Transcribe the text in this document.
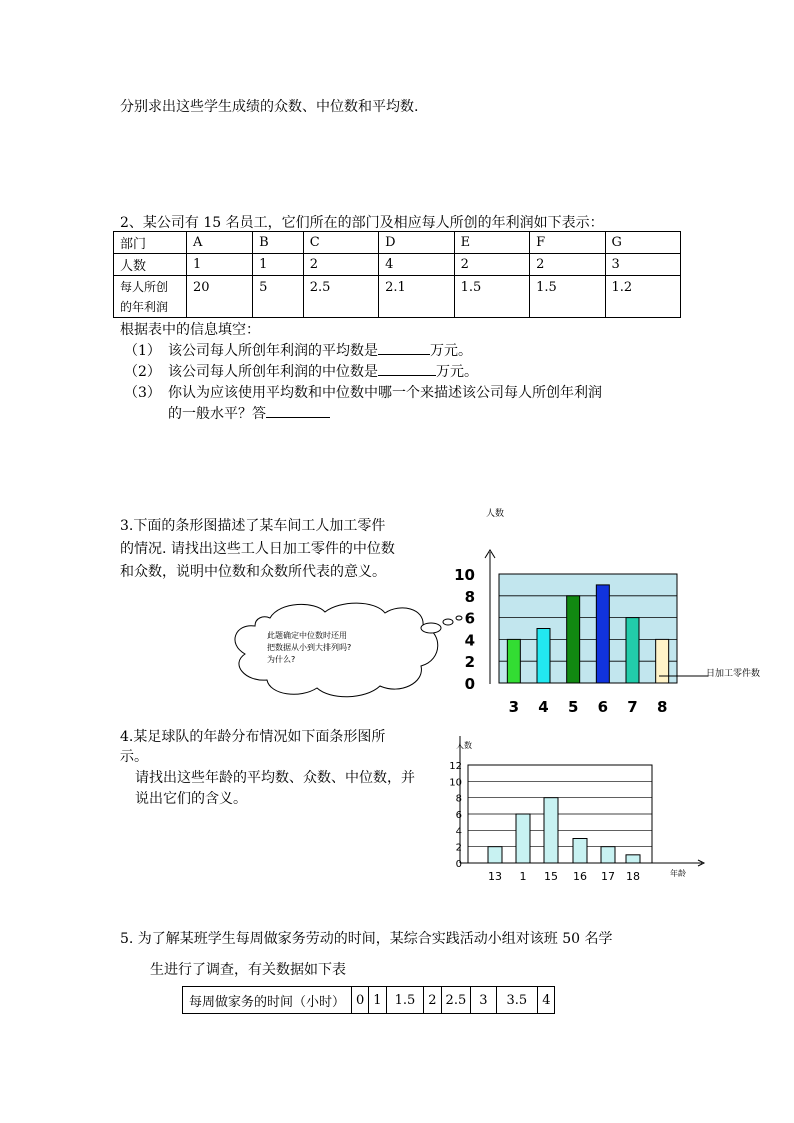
分别求出这些学生成绩的众数、中位数和平均数.
2、某公司有 15 名员工，它们所在的部门及相应每人所创的年利润如下表示：
部门	A	B	C	D	E	F	G
人数	1	1	2	4	2	2	3

每人所创
的年利润	20	5	2.5	2.1	1.5	1.5	1.2
根据表中的信息填空：
（1） 该公司每人所创年利润的平均数是	万元。
（2） 该公司每人所创年利润的中位数是	万元。
（3） 你认为应该使用平均数和中位数中哪一个来描述该公司每人所创年利润
的一般水平？答
3.下面的条形图描述了某车间工人加工零件
的情况. 请找出这些工人日加工零件的中位数
和众数，说明中位数和众数所代表的意义。
此题确定中位数时还用
把数据从小到大排列吗?
为什么?
人数
日加工零件数
0
2
4
6
8
10
3 4 5 6 7 8
4.某足球队的年龄分布情况如下面条形图所
示。
请找出这些年龄的平均数、众数、中位数，并
说出它们的含义。
人数
年龄
0
2
4
6
8
10
12
13 1 15 16 17 18
5. 为了解某班学生每周做家务劳动的时间，某综合实践活动小组对该班 50 名学
生进行了调查，有关数据如下表
每周做家务的时间（小时）	0	1	1.5	2	2.5	3	3.5	4
